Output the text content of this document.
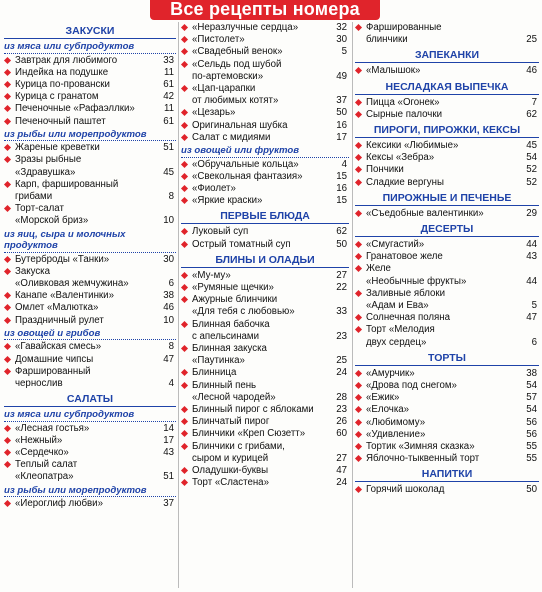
Все рецепты номера
ЗАКУСКИ
из мяса или субпродуктов
Завтрак для любимого	33
Индейка на подушке	11
Курица по-провански	61
Курица с гранатом	42
Печеночные «Рафаэллки»	11
Печеночный паштет	61
из рыбы или морепродуктов
Жареные креветки	51
Зразы рыбные
«Здравушка»	45
Карп, фаршированный
грибами	8
Торт-салат
«Морской бриз»	10
из яиц, сыра и молочных продуктов
Бутерброды «Танки»	30
Закуска
«Оливковая жемчужина»	6
Канапе «Валентинки»	38
Омлет «Малютка»	46
Праздничный рулет	10
из овощей и грибов
«Гавайская смесь»	8
Домашние чипсы	47
Фаршированный
чернослив	4
САЛАТЫ
из мяса или субпродуктов
«Лесная гостья»	14
«Нежный»	17
«Сердечко»	43
Теплый салат
«Клеопатра»	51
из рыбы или морепродуктов
«Иероглиф любви»	37
«Неразлучные сердца»	32
«Пистолет»	30
«Свадебный венок»	5
«Сельдь под шубой
по-артемовски»	49
«Цап-царапки
от любимых котят»	37
«Цезарь»	50
Оригинальная шубка	16
Салат с мидиями	17
из овощей или фруктов
«Обручальные кольца»	4
«Свекольная фантазия»	15
«Фиолет»	16
«Яркие краски»	15
ПЕРВЫЕ БЛЮДА
Луковый суп	62
Острый томатный суп	50
БЛИНЫ И ОЛАДЬИ
«Му-му»	27
«Румяные щечки»	22
Ажурные блинчики
«Для тебя с любовью»	33
Блинная бабочка
с апельсинами	23
Блинная закуска
«Паутинка»	25
Блинница	24
Блинный пень
«Лесной чародей»	28
Блинный пирог с яблоками	23
Блинчатый пирог	26
Блинчики «Креп Сюзетт»	60
Блинчики с грибами,
сыром и курицей	27
Оладушки-буквы	47
Торт «Сластена»	24
Фаршированные
блинчики	25
ЗАПЕКАНКИ
«Малышок»	46
НЕСЛАДКАЯ ВЫПЕЧКА
Пицца «Огонек»	7
Сырные палочки	62
ПИРОГИ, ПИРОЖКИ, КЕКСЫ
Кексики «Любимые»	45
Кексы «Зебра»	54
Пончики	52
Сладкие вергуны	52
ПИРОЖНЫЕ И ПЕЧЕНЬЕ
«Съедобные валентинки»	29
ДЕСЕРТЫ
«Смугастий»	44
Гранатовое желе	43
Желе
«Необычные фрукты»	44
Заливные яблоки
«Адам и Ева»	5
Солнечная поляна	47
Торт «Мелодия
двух сердец»	6
ТОРТЫ
«Амурчик»	38
«Дрова под снегом»	54
«Ежик»	57
«Елочка»	54
«Любимому»	56
«Удивление»	56
Тортик «Зимняя сказка»	55
Яблочно-тыквенный торт	55
НАПИТКИ
Горячий шоколад	50
